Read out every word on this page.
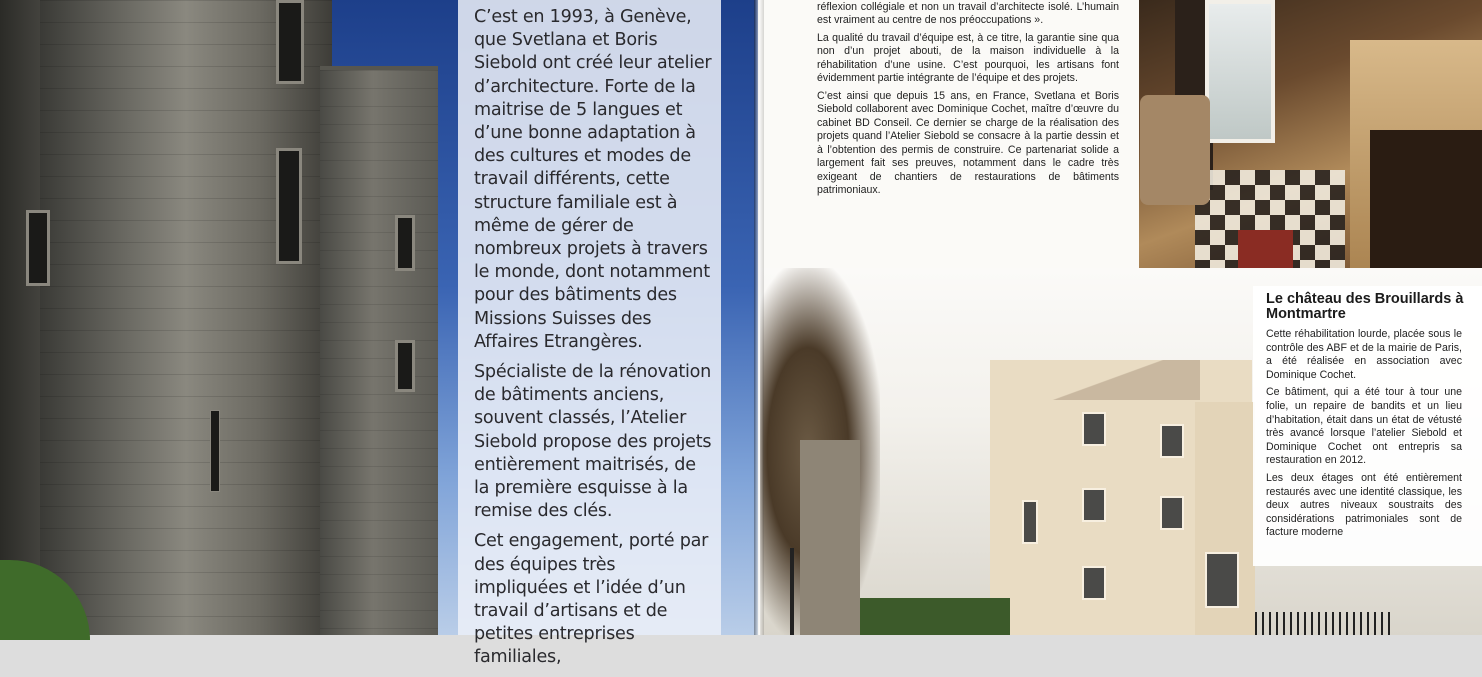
C’est en 1993, à Genève, que Svetlana et Boris Siebold ont créé leur atelier d’architecture. Forte de la maitrise de 5 langues et d’une bonne adaptation à des cultures et modes de travail différents, cette structure familiale est à même de gérer de nombreux projets à travers le monde, dont notamment pour des bâtiments des Missions Suisses des Affaires Etrangères.

Spécialiste de la rénovation de bâtiments anciens, souvent classés, l’Atelier Siebold propose des projets entièrement maitrisés, de la première esquisse à la remise des clés.

Cet engagement, porté par des équipes très impliquées et l’idée d’un travail d’artisans et de petites entreprises familiales,

réflexion collégiale et non un travail d’architecte isolé. L’humain est vraiment au centre de nos préoccupations ».

La qualité du travail d’équipe est, à ce titre, la garantie sine qua non d’un projet abouti, de la maison individuelle à la réhabilitation d’une usine. C’est pourquoi, les artisans font évidemment partie intégrante de l’équipe et des projets.

C’est ainsi que depuis 15 ans, en France, Svetlana et Boris Siebold collaborent avec Dominique Cochet, maître d’œuvre du cabinet BD Conseil. Ce dernier se charge de la réalisation des projets quand l’Atelier Siebold se consacre à la partie dessin et à l’obtention des permis de construire. Ce partenariat solide a largement fait ses preuves, notamment dans le cadre très exigeant de chantiers de restaurations de bâtiments patrimoniaux.

Le château des Brouillards à Montmartre

Cette réhabilitation lourde, placée sous le contrôle des ABF et de la mairie de Paris, a été réalisée en association avec Dominique Cochet.

Ce bâtiment, qui a été tour à tour une folie, un repaire de bandits et un lieu d’habitation, était dans un état de vétusté très avancé lorsque l’atelier Siebold et Dominique Cochet ont entrepris sa restauration en 2012.

Les deux étages ont été entièrement restaurés avec une identité classique, les deux autres niveaux soustraits des considérations patrimoniales sont de facture moderne
